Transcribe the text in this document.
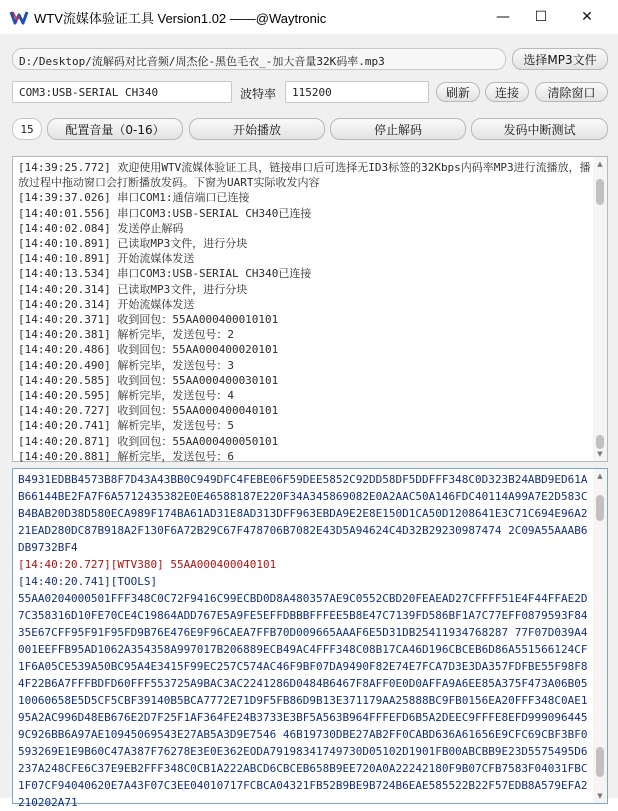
WTV流媒体验证工具 Version1.02 ——@Waytronic	— ☐ ✕
D:/Desktop/流解码对比音频/周杰伦-黑色毛衣_-加大音量32K码率.mp3	选择MP3文件
COM3:USB-SERIAL CH340	波特率	115200	刷新	连接	清除窗口
15	配置音量（0-16）	开始播放	停止解码	发码中断测试
[14:39:25.772] 欢迎使用WTV流媒体验证工具，链接串口后可选择无ID3标签的32Kbps内码率MP3进行流播放，播放过程中拖动窗口会打断播放发码。下窗为UART实际收发内容
[14:39:37.026] 串口COM1:通信端口已连接
[14:40:01.556] 串口COM3:USB-SERIAL CH340已连接
[14:40:02.084] 发送停止解码
[14:40:10.891] 已读取MP3文件，进行分块
[14:40:10.891] 开始流媒体发送
[14:40:13.534] 串口COM3:USB-SERIAL CH340已连接
[14:40:20.314] 已读取MP3文件，进行分块
[14:40:20.314] 开始流媒体发送
[14:40:20.371] 收到回包：55AA000400010101
[14:40:20.381] 解析完毕，发送包号：2
[14:40:20.486] 收到回包：55AA000400020101
[14:40:20.490] 解析完毕，发送包号：3
[14:40:20.585] 收到回包：55AA000400030101
[14:40:20.595] 解析完毕，发送包号：4
[14:40:20.727] 收到回包：55AA000400040101
[14:40:20.741] 解析完毕，发送包号：5
[14:40:20.871] 收到回包：55AA000400050101
[14:40:20.881] 解析完毕，发送包号：6
▲
▼
B4931EDBB4573B8F7D43A43BB0C949DFC4FEBE06F59DEE5852C92DD58DF5DDFFF348C0D323B24ABD9ED61AB66144BE2FA7F6A5712435382E0E46588187E220F34A345869082E0A2AAC50A146FDC40114A99A7E2D583CB4BAB20D38D580ECA989F174BA61AD31E8AD313DFF963EBDA9E2E8E150D1CA50D1208641E3C71C694E96A221EAD280DC87B918A2F130F6A72B29C67F478706B7082E43D5A94624C4D32B29230987474 2C09A55AAAB6DB9732BF4
[14:40:20.727][WTV380] 55AA000400040101
[14:40:20.741][TOOLS]
55AA0204000501FFF348C0C72F9416C99ECBD0D8A480357AE9C0552CBD20FEAEAD27CFFFF51E4F44FFAE2D7C358316D10FE70CE4C19864ADD767E5A9FE5EFFDBBBFFFEE5B8E47C7139FD586BF1A7C77EFF0879593F8435E67CFF95F91F95FD9B76E476E9F96CAEA7FFB70D009665AAAF6E5D31DB25411934768287 77F07D039A4001EEFFB95AD1062A354358A997017B206889ECB49AC4FFF348C08B17CA46D196CBCEB6D86A551566124CF1F6A05CE539A50BC95A4E3415F99EC257C574AC46F9BF07DA9490F82E74E7FCA7D3E3DA357FDFBE55F98F84F22B6A7FFFBDFD60FFF553725A9BAC3AC2241286D0484B6467F8AFF0E0D0AFFA9A6EE85A375F473A06B0510060658E5D5CF5CBF39140B5BCA7772E71D9F5FB86D9B13E371179AA25888BC9FB0156EA20FFF348C0AE195A2AC996D48EB676E2D7F25F1AF364FE24B3733E3BF5A563B964FFFEFD6B5A2DEEC9FFFE8EFD9990964459C926BB6A97AE10945069543E27AB5A3D9E7546 46B19730DBE27AB2FF0CABD636A61656E9CFC69CBF3BF0593269E1E9B60C47A387F76278E3E0E362EODA79198341749730D05102D1901FB00ABCBB9E23D5575495D6237A248CFE6C37E9EB2FFF348C0CB1A222ABCD6CBCEB658B9EE720A0A22242180F9B07CFB7583F04031FBC1F07CF94040620E7A43F07C3EE04010717FCBCA04321FB52B9BE9B724B6EAE585522B22F57EDB8A579EFA2210202A71
▲
▼
